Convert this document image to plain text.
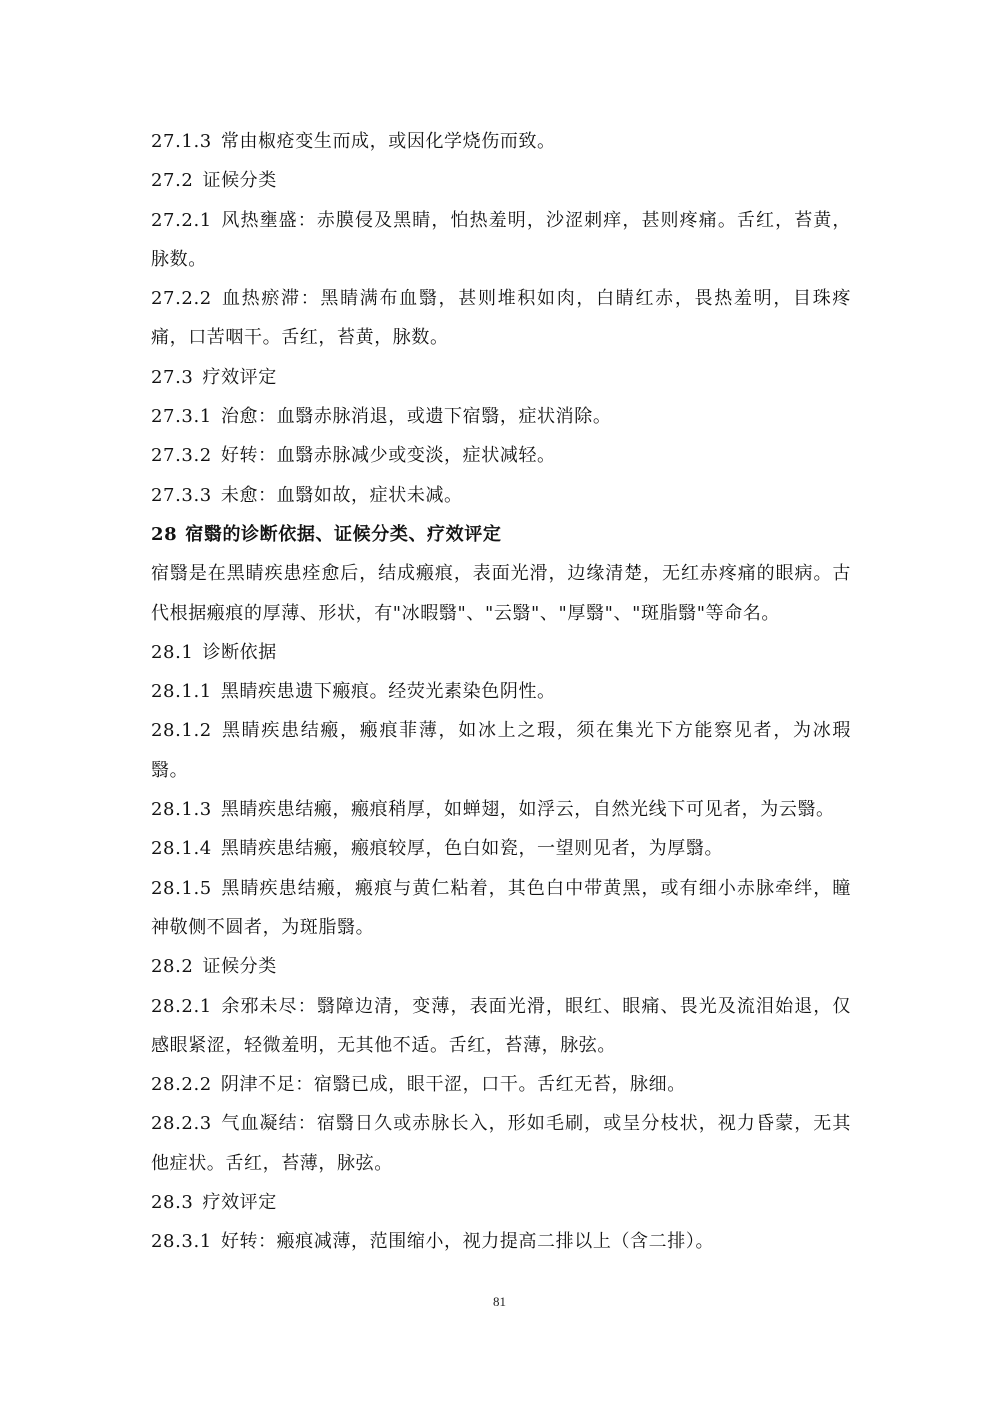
27.1.3 常由椒疮变生而成，或因化学烧伤而致。

27.2 证候分类

27.2.1 风热壅盛：赤膜侵及黑睛，怕热羞明，沙涩刺痒，甚则疼痛。舌红，苔黄，脉数。

27.2.2 血热瘀滞：黑睛满布血翳，甚则堆积如肉，白睛红赤，畏热羞明，目珠疼痛，口苦咽干。舌红，苔黄，脉数。

27.3 疗效评定

27.3.1 治愈：血翳赤脉消退，或遗下宿翳，症状消除。

27.3.2 好转：血翳赤脉减少或变淡，症状减轻。

27.3.3 未愈：血翳如故，症状未减。

28 宿翳的诊断依据、证候分类、疗效评定

宿翳是在黑睛疾患痊愈后，结成瘢痕，表面光滑，边缘清楚，无红赤疼痛的眼病。古代根据瘢痕的厚薄、形状，有"冰暇翳"、"云翳"、"厚翳"、"斑脂翳"等命名。

28.1 诊断依据

28.1.1 黑睛疾患遗下瘢痕。经荧光素染色阴性。

28.1.2 黑睛疾患结瘢，瘢痕菲薄，如冰上之瑕，须在集光下方能察见者，为冰瑕翳。

28.1.3 黑睛疾患结瘢，瘢痕稍厚，如蝉翅，如浮云，自然光线下可见者，为云翳。

28.1.4 黑睛疾患结瘢，瘢痕较厚，色白如瓷，一望则见者，为厚翳。

28.1.5 黑睛疾患结瘢，瘢痕与黄仁粘着，其色白中带黄黑，或有细小赤脉牵绊，瞳神敬侧不圆者，为斑脂翳。

28.2 证候分类

28.2.1 余邪未尽：翳障边清，变薄，表面光滑，眼红、眼痛、畏光及流泪始退，仅感眼紧涩，轻微羞明，无其他不适。舌红，苔薄，脉弦。

28.2.2 阴津不足：宿翳已成，眼干涩，口干。舌红无苔，脉细。

28.2.3 气血凝结：宿翳日久或赤脉长入，形如毛刷，或呈分枝状，视力昏蒙，无其他症状。舌红，苔薄，脉弦。

28.3 疗效评定

28.3.1 好转：瘢痕减薄，范围缩小，视力提高二排以上（含二排）。

81
